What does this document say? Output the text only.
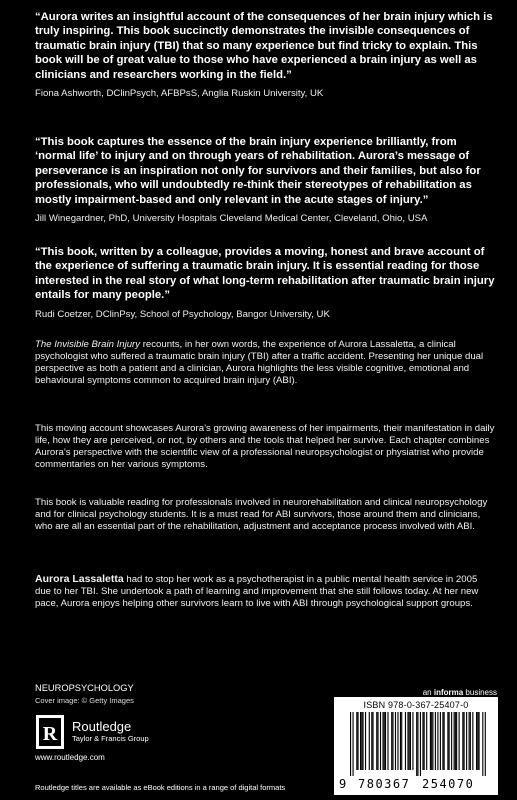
“Aurora writes an insightful account of the consequences of her brain injury which is truly inspiring. This book succinctly demonstrates the invisible consequences of traumatic brain injury (TBI) that so many experience but find tricky to explain. This book will be of great value to those who have experienced a brain injury as well as clinicians and researchers working in the field.”

Fiona Ashworth, DClinPsych, AFBPsS, Anglia Ruskin University, UK

“This book captures the essence of the brain injury experience brilliantly, from ‘normal life’ to injury and on through years of rehabilitation. Aurora’s message of perseverance is an inspiration not only for survivors and their families, but also for professionals, who will undoubtedly re-think their stereotypes of rehabilitation as mostly impairment-based and only relevant in the acute stages of injury.”

Jill Winegardner, PhD, University Hospitals Cleveland Medical Center, Cleveland, Ohio, USA

“This book, written by a colleague, provides a moving, honest and brave account of the experience of suffering a traumatic brain injury. It is essential reading for those interested in the real story of what long-term rehabilitation after traumatic brain injury entails for many people.”

Rudi Coetzer, DClinPsy, School of Psychology, Bangor University, UK

The Invisible Brain Injury recounts, in her own words, the experience of Aurora Lassaletta, a clinical psychologist who suffered a traumatic brain injury (TBI) after a traffic accident. Presenting her unique dual perspective as both a patient and a clinician, Aurora highlights the less visible cognitive, emotional and behavioural symptoms common to acquired brain injury (ABI).

This moving account showcases Aurora’s growing awareness of her impairments, their manifestation in daily life, how they are perceived, or not, by others and the tools that helped her survive. Each chapter combines Aurora’s perspective with the scientific view of a professional neuropsychologist or physiatrist who provide commentaries on her various symptoms.

This book is valuable reading for professionals involved in neurorehabilitation and clinical neuropsychology and for clinical psychology students. It is a must read for ABI survivors, those around them and clinicians, who are all an essential part of the rehabilitation, adjustment and acceptance process involved with ABI.

Aurora Lassaletta had to stop her work as a psychotherapist in a public mental health service in 2005 due to her TBI. She undertook a path of learning and improvement that she still follows today. At her new pace, Aurora enjoys helping other survivors learn to live with ABI through psychological support groups.

NEUROPSYCHOLOGY
Cover image: © Getty Images
an informa business
R Routledge
Taylor & Francis Group
www.routledge.com
Routledge titles are available as eBook editions in a range of digital formats
ISBN 978-0-367-25407-0
9 780367 254070
